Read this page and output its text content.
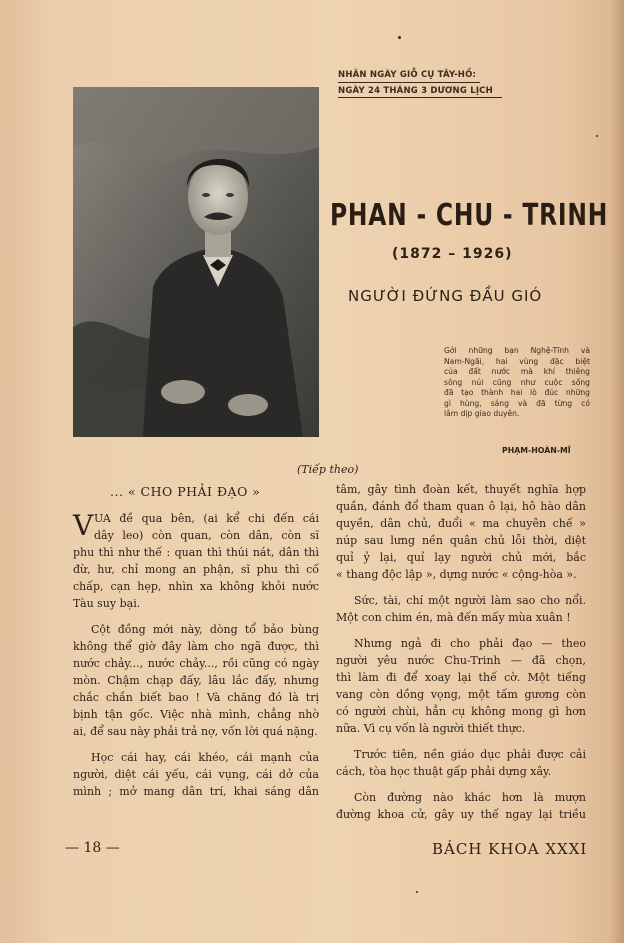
NHÂN NGÀY GIỖ CỤ TÂY-HỒ:
NGÀY 24 THÁNG 3 DƯƠNG LỊCH
PHAN - CHU - TRINH
(1872 – 1926)
NGƯỜI ĐỨNG ĐẦU GIÓ
Gởi những bạn Nghệ-Tĩnh và
Nam-Ngãi, hai vùng đặc biệt
của đất nước mà khí thiêng
sông núi cũng như cuộc sống
đã tạo thành hai lò đúc những
gì hùng, sáng và đã từng có
lâm dịp giao duyên.
PHẠM-HOÀN-MĨ
(Tiếp theo)
... « CHO PHẢI ĐẠO »
V UA đề qua bên, (ai kể chi đến cái
dây leo) còn quan, còn dân, còn sĩ
phu thì như thế : quan thì thúi nát, dân thì
đừ, hư, chỉ mong an phận, sĩ phu thì cố
chấp, cạn hẹp, nhìn xa không khỏi nước
Tàu suy bại.
Cột đồng mới này, dòng tổ bảo bùng
không thể giờ đây làm cho ngã được, thì
nước chảy..., nước chảy..., rồi cũng có ngày
mòn. Chậm chạp đấy, lâu lắc đấy, nhưng
chắc chắn biết bao ! Và chăng đó là trị
bịnh tận gốc. Việc nhà mình, chẳng nhờ
ai, để sau này phải trả nợ, vốn lời quá nặng.
Học cái hay, cái khéo, cái mạnh của
người, diệt cái yếu, cái vụng, cái dở của
mình ; mở mang dân trí, khai sáng dân
tâm, gây tình đoàn kết, thuyết nghĩa hợp
quần, đánh đổ tham quan ô lại, hô hào dân
quyền, dân chủ, đuổi « ma chuyên chế »
núp sau lưng nền quân chủ lỗi thời, diệt
quỉ ỷ lại, quỉ lạy người chủ mới, bắc
« thang độc lập », dựng nước « cộng-hòa ».
Sức, tài, chí một người làm sao cho nổi.
Một con chim én, mà đến mấy mùa xuân !
Nhưng ngả đi cho phải đạo — theo
người yêu nước Chu-Trinh — đã chọn,
thì làm đi để xoay lại thế cờ. Một tiếng
vang còn dồng vọng, một tấm gương còn
có người chùi, hẳn cụ không mong gì hơn
nữa. Vì cụ vốn là người thiết thực.
Trước tiên, nền giáo dục phải được cải
cách, tòa học thuật gấp phải dựng xây.
Còn đường nào khác hơn là mượn
đường khoa cử, gây uy thế ngay lại triều
— 18 —	BÁCH KHOA XXXI
